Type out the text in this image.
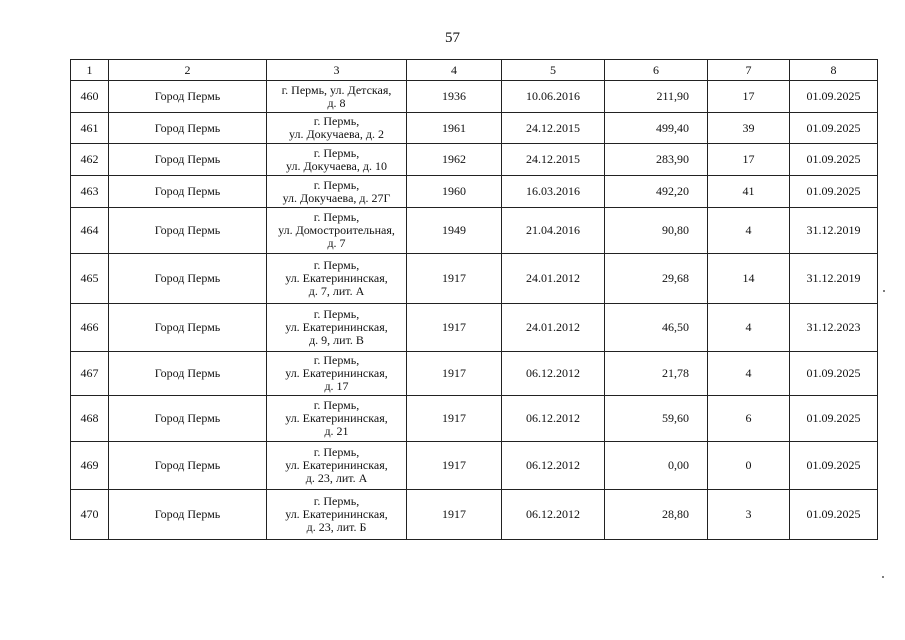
57
1	2	3	4	5	6	7	8
460	Город Пермь	г. Пермь, ул. Детская,
д. 8	1936	10.06.2016	211,90	17	01.09.2025
461	Город Пермь	г. Пермь,
ул. Докучаева, д. 2	1961	24.12.2015	499,40	39	01.09.2025
462	Город Пермь	г. Пермь,
ул. Докучаева, д. 10	1962	24.12.2015	283,90	17	01.09.2025
463	Город Пермь	г. Пермь,
ул. Докучаева, д. 27Г	1960	16.03.2016	492,20	41	01.09.2025
464	Город Пермь	г. Пермь,
ул. Домостроительная,
д. 7	1949	21.04.2016	90,80	4	31.12.2019
465	Город Пермь	г. Пермь,
ул. Екатерининская,
д. 7, лит. А	1917	24.01.2012	29,68	14	31.12.2019
466	Город Пермь	г. Пермь,
ул. Екатерининская,
д. 9, лит. В	1917	24.01.2012	46,50	4	31.12.2023
467	Город Пермь	г. Пермь,
ул. Екатерининская,
д. 17	1917	06.12.2012	21,78	4	01.09.2025
468	Город Пермь	г. Пермь,
ул. Екатерининская,
д. 21	1917	06.12.2012	59,60	6	01.09.2025
469	Город Пермь	г. Пермь,
ул. Екатерининская,
д. 23, лит. А	1917	06.12.2012	0,00	0	01.09.2025
470	Город Пермь	г. Пермь,
ул. Екатерининская,
д. 23, лит. Б	1917	06.12.2012	28,80	3	01.09.2025
